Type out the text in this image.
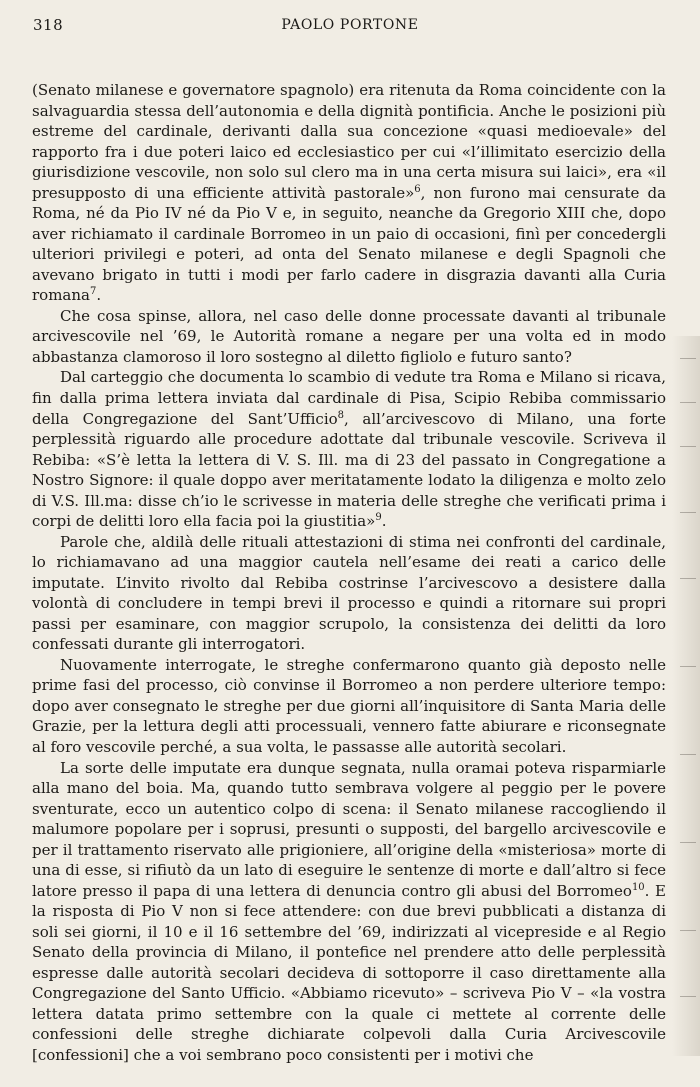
318	PAOLO PORTONE

(Senato milanese e governatore spagnolo) era ritenuta da Roma coincidente con la salvaguardia stessa dell’autonomia e della dignità pontificia. Anche le posizioni più estreme del cardinale, derivanti dalla sua concezione «quasi medioevale» del rapporto fra i due poteri laico ed ecclesiastico per cui «l’illimitato esercizio della giurisdizione vescovile, non solo sul clero ma in una certa misura sui laici», era «il presupposto di una efficiente attività pastorale»$^6$, non furono mai censurate da Roma, né da Pio IV né da Pio V e, in seguito, neanche da Gregorio XIII che, dopo aver richiamato il cardinale Borromeo in un paio di occasioni, finì per concedergli ulteriori privilegi e poteri, ad onta del Senato milanese e degli Spagnoli che avevano brigato in tutti i modi per farlo cadere in disgrazia davanti alla Curia romana$^7$.

Che cosa spinse, allora, nel caso delle donne processate davanti al tribunale arcivescovile nel ’69, le Autorità romane a negare per una volta ed in modo abbastanza clamoroso il loro sostegno al diletto figliolo e futuro santo?

Dal carteggio che documenta lo scambio di vedute tra Roma e Milano si ricava, fin dalla prima lettera inviata dal cardinale di Pisa, Scipio Rebiba commissario della Congregazione del Sant’Ufficio$^8$, all’arcivescovo di Milano, una forte perplessità riguardo alle procedure adottate dal tribunale vescovile. Scriveva il Rebiba: «S’è letta la lettera di V. S. Ill. ma di 23 del passato in Congregatione a Nostro Signore: il quale doppo aver meritatamente lodato la diligenza e molto zelo di V.S. Ill.ma: disse ch’io le scrivesse in materia delle streghe che verificati prima i corpi de delitti loro ella facia poi la giustitia»$^9$.

Parole che, aldilà delle rituali attestazioni di stima nei confronti del cardinale, lo richiamavano ad una maggior cautela nell’esame dei reati a carico delle imputate. L’invito rivolto dal Rebiba costrinse l’arcivescovo a desistere dalla volontà di concludere in tempi brevi il processo e quindi a ritornare sui propri passi per esaminare, con maggior scrupolo, la consistenza dei delitti da loro confessati durante gli interrogatori.

Nuovamente interrogate, le streghe confermarono quanto già deposto nelle prime fasi del processo, ciò convinse il Borromeo a non perdere ulteriore tempo: dopo aver consegnato le streghe per due giorni all’inquisitore di Santa Maria delle Grazie, per la lettura degli atti processuali, vennero fatte abiurare e riconsegnate al foro vescovile perché, a sua volta, le passasse alle autorità secolari.

La sorte delle imputate era dunque segnata, nulla oramai poteva risparmiarle alla mano del boia. Ma, quando tutto sembrava volgere al peggio per le povere sventurate, ecco un autentico colpo di scena: il Senato milanese raccogliendo il malumore popolare per i soprusi, presunti o supposti, del bargello arcivescovile e per il trattamento riservato alle prigioniere, all’origine della «misteriosa» morte di una di esse, si rifiutò da un lato di eseguire le sentenze di morte e dall’altro si fece latore presso il papa di una lettera di denuncia contro gli abusi del Borromeo$^{10}$. E la risposta di Pio V non si fece attendere: con due brevi pubblicati a distanza di soli sei giorni, il 10 e il 16 settembre del ’69, indirizzati al vicepreside e al Regio Senato della provincia di Milano, il pontefice nel prendere atto delle perplessità espresse dalle autorità secolari decideva di sottoporre il caso direttamente alla Congregazione del Santo Ufficio. «Abbiamo ricevuto» – scriveva Pio V – «la vostra lettera datata primo settembre con la quale ci mettete al corrente delle confessioni delle streghe dichiarate colpevoli dalla Curia Arcivescovile [confessioni] che a voi sembrano poco consistenti per i motivi che
